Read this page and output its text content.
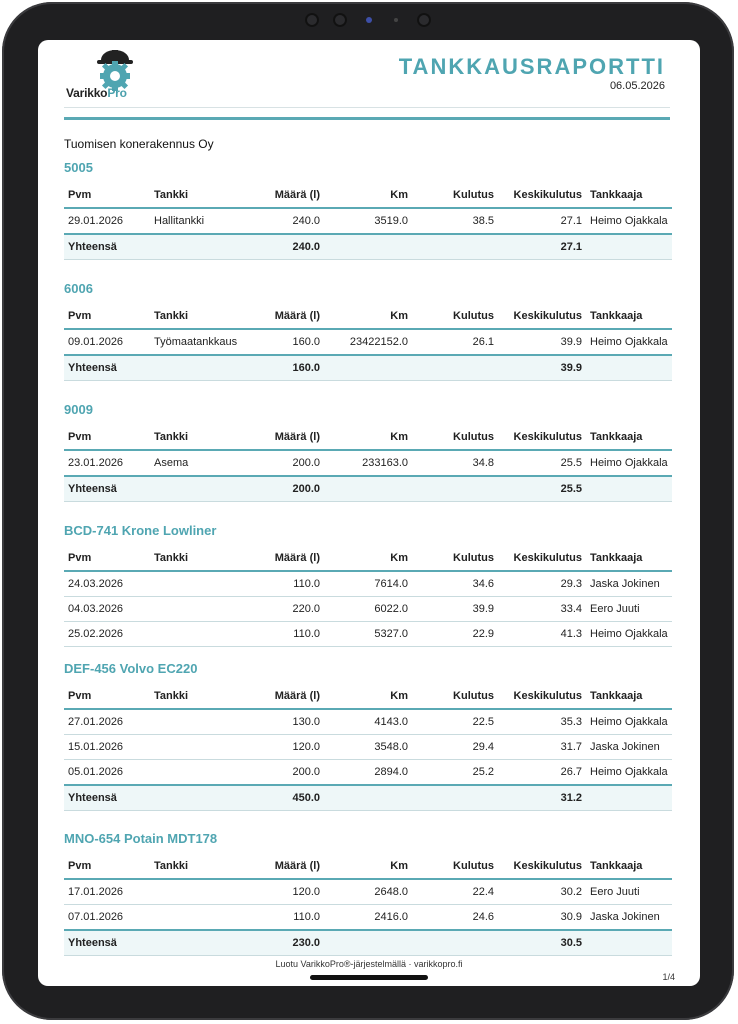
VarikkoPro
TANKKAUSRAPORTTI
06.05.2026
Tuomisen konerakennus Oy
5005
Pvm	Tankki	Määrä (l)	Km	Kulutus	Keskikulutus	Tankkaaja
29.01.2026	Hallitankki	240.0	3519.0	38.5	27.1	Heimo Ojakkala
Yhteensä		240.0			27.1	
6006
Pvm	Tankki	Määrä (l)	Km	Kulutus	Keskikulutus	Tankkaaja
09.01.2026	Työmaatankkaus	160.0	23422152.0	26.1	39.9	Heimo Ojakkala
Yhteensä		160.0			39.9	
9009
Pvm	Tankki	Määrä (l)	Km	Kulutus	Keskikulutus	Tankkaaja
23.01.2026	Asema	200.0	233163.0	34.8	25.5	Heimo Ojakkala
Yhteensä		200.0			25.5	
BCD-741 Krone Lowliner
Pvm	Tankki	Määrä (l)	Km	Kulutus	Keskikulutus	Tankkaaja
24.03.2026		110.0	7614.0	34.6	29.3	Jaska Jokinen
04.03.2026		220.0	6022.0	39.9	33.4	Eero Juuti
25.02.2026		110.0	5327.0	22.9	41.3	Heimo Ojakkala
DEF-456 Volvo EC220
Pvm	Tankki	Määrä (l)	Km	Kulutus	Keskikulutus	Tankkaaja
27.01.2026		130.0	4143.0	22.5	35.3	Heimo Ojakkala
15.01.2026		120.0	3548.0	29.4	31.7	Jaska Jokinen
05.01.2026		200.0	2894.0	25.2	26.7	Heimo Ojakkala
Yhteensä		450.0			31.2	
MNO-654 Potain MDT178
Pvm	Tankki	Määrä (l)	Km	Kulutus	Keskikulutus	Tankkaaja
17.01.2026		120.0	2648.0	22.4	30.2	Eero Juuti
07.01.2026		110.0	2416.0	24.6	30.9	Jaska Jokinen
Yhteensä		230.0			30.5	
Luotu VarikkoPro®-järjestelmällä · varikkopro.fi
1/4
